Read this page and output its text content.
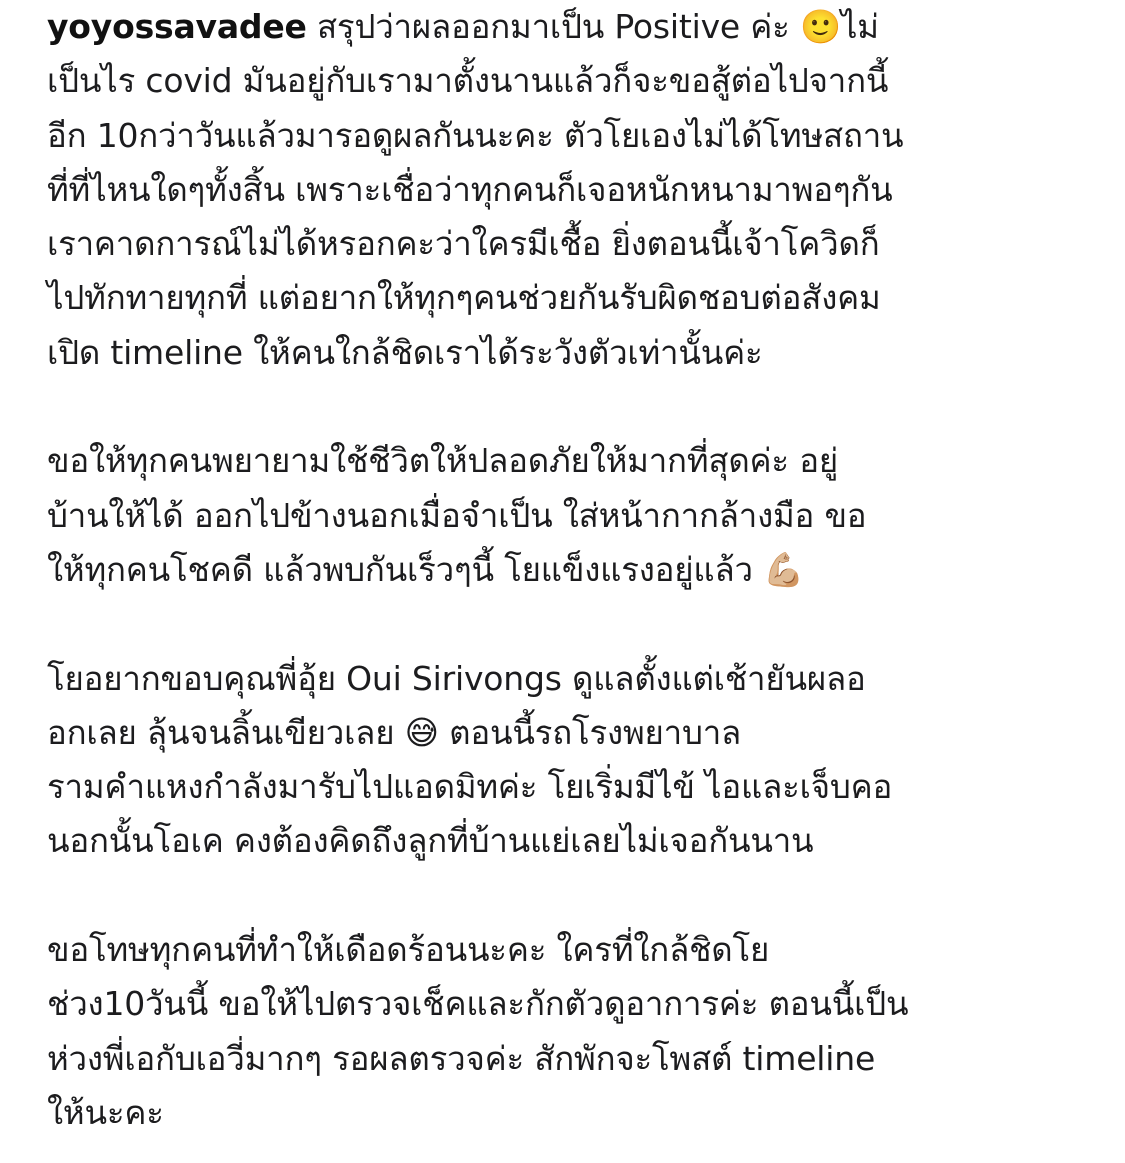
yoyossavadee สรุปว่าผลออกมาเป็น Positive ค่ะ 🙂ไม่
เป็นไร covid มันอยู่กับเรามาตั้งนานแล้วก็จะขอสู้ต่อไปจากนี้
อีก 10กว่าวันแล้วมารอดูผลกันนะคะ ตัวโยเองไม่ได้โทษสถาน
ที่ที่ไหนใดๆทั้งสิ้น เพราะเชื่อว่าทุกคนก็เจอหนักหนามาพอๆกัน
เราคาดการณ์ไม่ได้หรอกคะว่าใครมีเชื้อ ยิ่งตอนนี้เจ้าโควิดก็
ไปทักทายทุกที่ แต่อยากให้ทุกๆคนช่วยกันรับผิดชอบต่อสังคม
เปิด timeline ให้คนใกล้ชิดเราได้ระวังตัวเท่านั้นค่ะ
ขอให้ทุกคนพยายามใช้ชีวิตให้ปลอดภัยให้มากที่สุดค่ะ อยู่
บ้านให้ได้ ออกไปข้างนอกเมื่อจำเป็น ใส่หน้ากากล้างมือ ขอ
ให้ทุกคนโชคดี แล้วพบกันเร็วๆนี้ โยแข็งแรงอยู่แล้ว 💪🏼
โยอยากขอบคุณพี่อุ้ย Oui Sirivongs ดูแลตั้งแต่เช้ายันผลอ
อกเลย ลุ้นจนลิ้นเขียวเลย 😅 ตอนนี้รถโรงพยาบาล
รามคำแหงกำลังมารับไปแอดมิทค่ะ โยเริ่มมีไข้ ไอและเจ็บคอ
นอกนั้นโอเค คงต้องคิดถึงลูกที่บ้านแย่เลยไม่เจอกันนาน
ขอโทษทุกคนที่ทำให้เดือดร้อนนะคะ ใครที่ใกล้ชิดโย
ช่วง10วันนี้ ขอให้ไปตรวจเช็คและกักตัวดูอาการค่ะ ตอนนี้เป็น
ห่วงพี่เอกับเอวี่มากๆ รอผลตรวจค่ะ สักพักจะโพสต์ timeline
ให้นะคะ
